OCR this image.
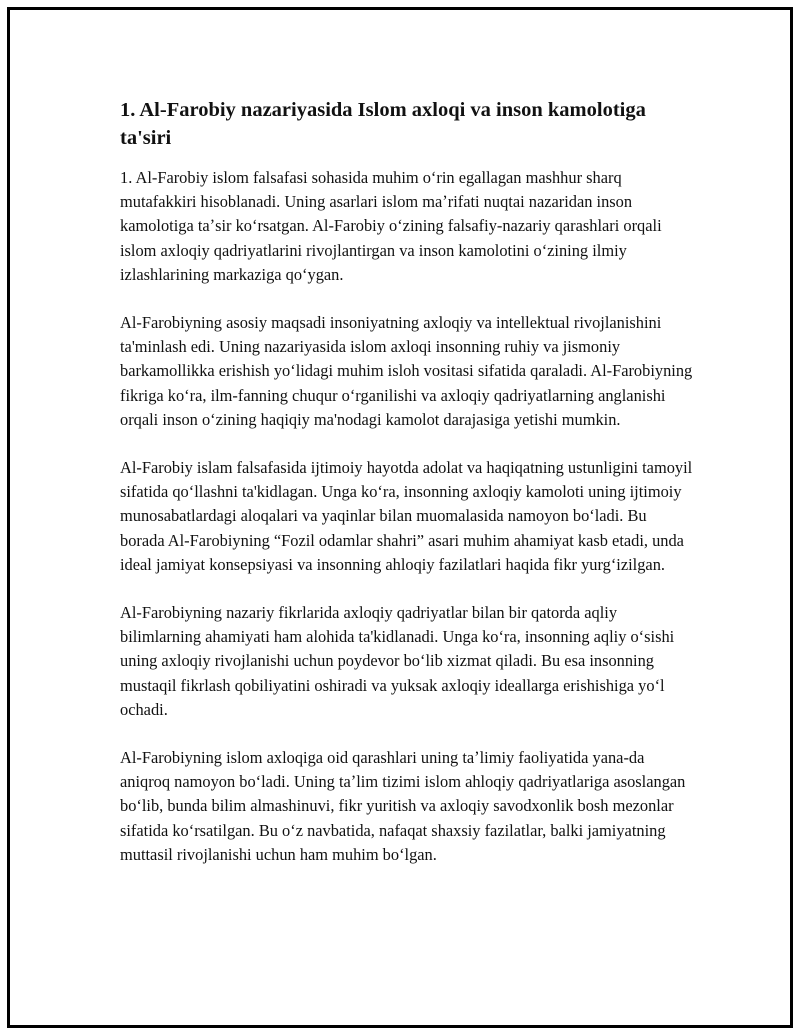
1. Al-Farobiy nazariyasida Islom axloqi va inson kamolotiga ta'siri

1. Al-Farobiy islom falsafasi sohasida muhim oʻrin egallagan mashhur sharq mutafakkiri hisoblanadi. Uning asarlari islom maʼrifati nuqtai nazaridan inson kamolotiga taʼsir koʻrsatgan. Al-Farobiy oʻzining falsafiy-nazariy qarashlari orqali islom axloqiy qadriyatlarini rivojlantirgan va inson kamolotini oʻzining ilmiy izlashlarining markaziga qoʻygan.

Al-Farobiyning asosiy maqsadi insoniyatning axloqiy va intellektual rivojlanishini ta'minlash edi. Uning nazariyasida islom axloqi insonning ruhiy va jismoniy barkamollikka erishish yoʻlidagi muhim isloh vositasi sifatida qaraladi. Al-Farobiyning fikriga koʻra, ilm-fanning chuqur oʻrganilishi va axloqiy qadriyatlarning anglanishi orqali inson oʻzining haqiqiy ma'nodagi kamolot darajasiga yetishi mumkin.

Al-Farobiy islam falsafasida ijtimoiy hayotda adolat va haqiqatning ustunligini tamoyil sifatida qoʻllashni ta'kidlagan. Unga koʻra, insonning axloqiy kamoloti uning ijtimoiy munosabatlardagi aloqalari va yaqinlar bilan muomalasida namoyon boʻladi. Bu borada Al-Farobiyning “Fozil odamlar shahri” asari muhim ahamiyat kasb etadi, unda ideal jamiyat konsepsiyasi va insonning ahloqiy fazilatlari haqida fikr yurgʻizilgan.

Al-Farobiyning nazariy fikrlarida axloqiy qadriyatlar bilan bir qatorda aqliy bilimlarning ahamiyati ham alohida ta'kidlanadi. Unga koʻra, insonning aqliy oʻsishi uning axloqiy rivojlanishi uchun poydevor boʻlib xizmat qiladi. Bu esa insonning mustaqil fikrlash qobiliyatini oshiradi va yuksak axloqiy ideallarga erishishiga yoʻl ochadi.

Al-Farobiyning islom axloqiga oid qarashlari uning taʼlimiy faoliyatida yana-da aniqroq namoyon boʻladi. Uning taʼlim tizimi islom ahloqiy qadriyatlariga asoslangan boʻlib, bunda bilim almashinuvi, fikr yuritish va axloqiy savodxonlik bosh mezonlar sifatida koʻrsatilgan. Bu oʻz navbatida, nafaqat shaxsiy fazilatlar, balki jamiyatning muttasil rivojlanishi uchun ham muhim boʻlgan.
